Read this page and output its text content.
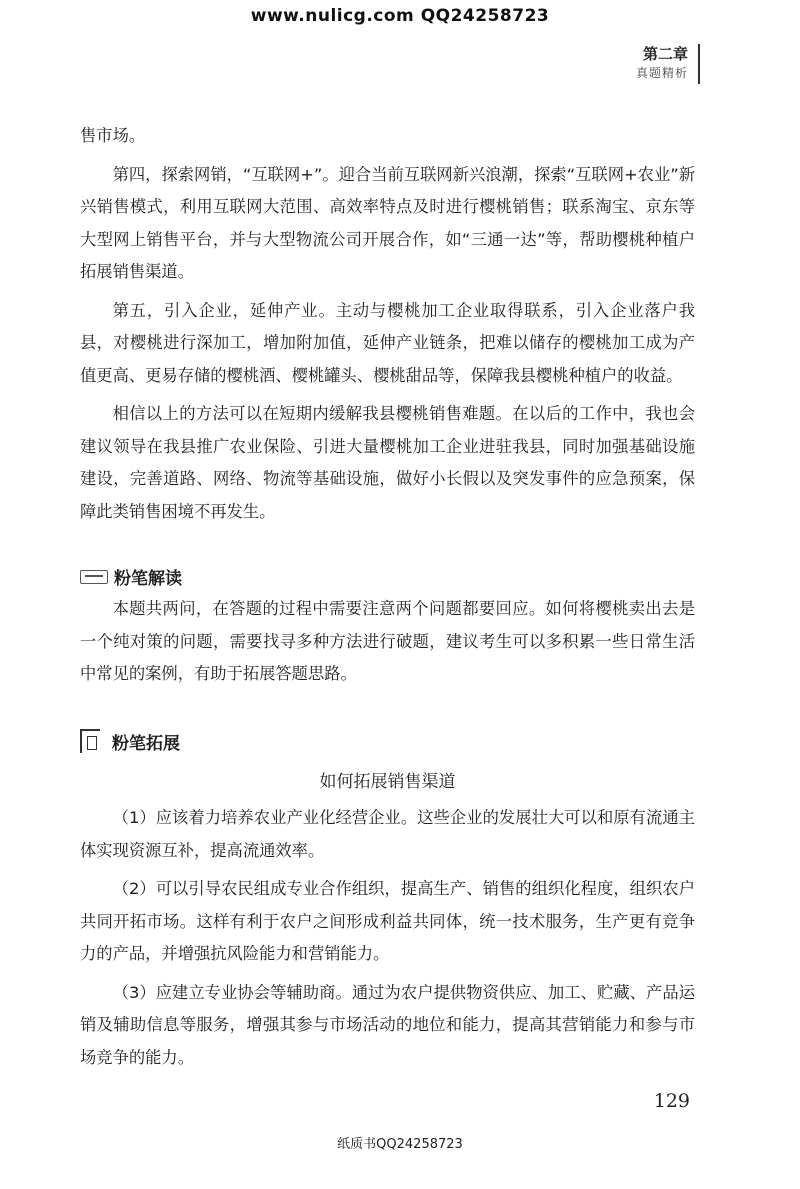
www.nulicg.com QQ24258723
第二章
真题精析

售市场。

第四，探索网销，“互联网+”。迎合当前互联网新兴浪潮，探索“互联网+农业”新兴销售模式，利用互联网大范围、高效率特点及时进行樱桃销售；联系淘宝、京东等大型网上销售平台，并与大型物流公司开展合作，如“三通一达”等，帮助樱桃种植户拓展销售渠道。

第五，引入企业，延伸产业。主动与樱桃加工企业取得联系，引入企业落户我县，对樱桃进行深加工，增加附加值，延伸产业链条，把难以储存的樱桃加工成为产值更高、更易存储的樱桃酒、樱桃罐头、樱桃甜品等，保障我县樱桃种植户的收益。

相信以上的方法可以在短期内缓解我县樱桃销售难题。在以后的工作中，我也会建议领导在我县推广农业保险、引进大量樱桃加工企业进驻我县，同时加强基础设施建设，完善道路、网络、物流等基础设施，做好小长假以及突发事件的应急预案，保障此类销售困境不再发生。

粉笔解读

本题共两问，在答题的过程中需要注意两个问题都要回应。如何将樱桃卖出去是一个纯对策的问题，需要找寻多种方法进行破题，建议考生可以多积累一些日常生活中常见的案例，有助于拓展答题思路。

粉笔拓展
如何拓展销售渠道

（1）应该着力培养农业产业化经营企业。这些企业的发展壮大可以和原有流通主体实现资源互补，提高流通效率。

（2）可以引导农民组成专业合作组织，提高生产、销售的组织化程度，组织农户共同开拓市场。这样有利于农户之间形成利益共同体，统一技术服务，生产更有竞争力的产品，并增强抗风险能力和营销能力。

（3）应建立专业协会等辅助商。通过为农户提供物资供应、加工、贮藏、产品运销及辅助信息等服务，增强其参与市场活动的地位和能力，提高其营销能力和参与市场竞争的能力。

129
纸质书QQ24258723
